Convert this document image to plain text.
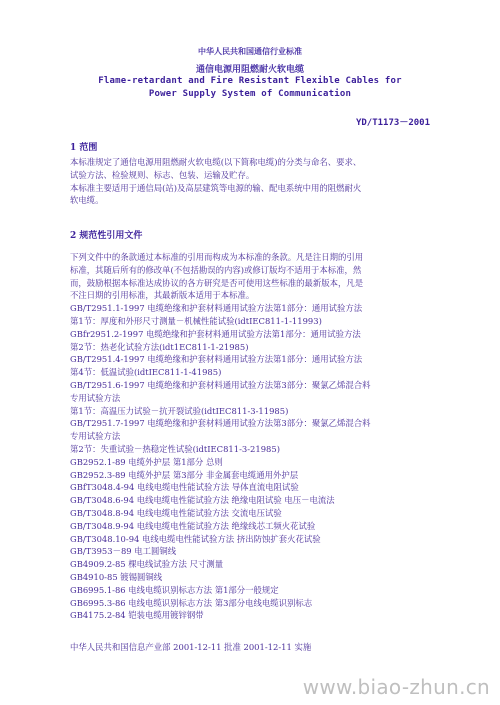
中华人民共和国通信行业标准
通信电源用阻燃耐火软电缆
Flame-retardant and Fire Resistant Flexible Cables for
Power Supply System of Communication
YD/T1173－2001
1 范围
本标准规定了通信电源用阻燃耐火软电缆(以下简称电缆)的分类与命名、要求、
试验方法、检验规则、标志、包装、运输及贮存。
本标准主要适用于通信局(站)及高层建筑等电源的输、配电系统中用的阻燃耐火
软电缆。
2 规范性引用文件
下列文件中的条款通过本标准的引用而构成为本标准的条款。凡是注日期的引用
标准，其随后所有的修改单(不包括勘误的内容)或修订版均不适用于本标准，然
而，鼓励根据本标准达成协议的各方研究是否可使用这些标准的最新版本，凡是
不注日期的引用标准，其最新版本适用于本标准。
GB/T2951.1-1997 电缆绝缘和护套材料通用试验方法第1部分：通用试验方法
第1节：厚度和外形尺寸测量－机械性能试验(idtIEC811-1-11993)
GBfr2951.2-1997 电缆绝缘和护套材料通用试验方法第1部分：通用试验方法
第2节：热老化试验方法(idt1EC811-1-21985)
GB/T2951.4-1997 电缆绝缘和护套材料通用试验方法第1部分：通用试验方法
第4节：低温试验(idtIEC811-1-41985)
GB/T2951.6-1997 电缆绝缘和护套材料通用试验方法第3部分：聚氯乙烯混合料
专用试验方法
第1节：高温压力试验－抗开裂试验(idtIEC811-3-11985)
GB/T2951.7-1997 电缆绝缘和护套材料通用试验方法第3部分：聚氯乙烯混合料
专用试验方法
第2节：失重试验－热稳定性试验(idtIEC811-3-21985)
GB2952.1-89 电缆外护层 第1部分 总则
GB2952.3-89 电缆外护层 第3部分 非金属套电缆通用外护层
GBfT3048.4-94 电线电缆电性能试验方法 导体直流电阻试验
GB/T3048.6-94 电线电缆电性能试验方法 绝缘电阻试验 电压－电流法
GB/T3048.8-94 电线电缆电性能试验方法 交流电压试验
GB/T3048.9-94 电线电缆电性能试验方法 绝缘线芯工频火花试验
GB/T3048.10-94 电线电缆电性能试验方法 挤出防蚀扩套火花试验
GB/T3953－89 电工圆铜线
GB4909.2-85 棵电线试验方法 尺寸测量
GB4910-85 镀锡圆铜线
GB6995.1-86 电线电缆识别标志方法 第1部分一般规定
GB6995.3-86 电线电缆识别标志方法 第3部分电线电缆识别标志
GB4175.2-84 铠装电缆用镀锌钢带
中华人民共和国信息产业部 2001-12-11 批准 2001-12-11 实施
www.biao-zhun.cn
